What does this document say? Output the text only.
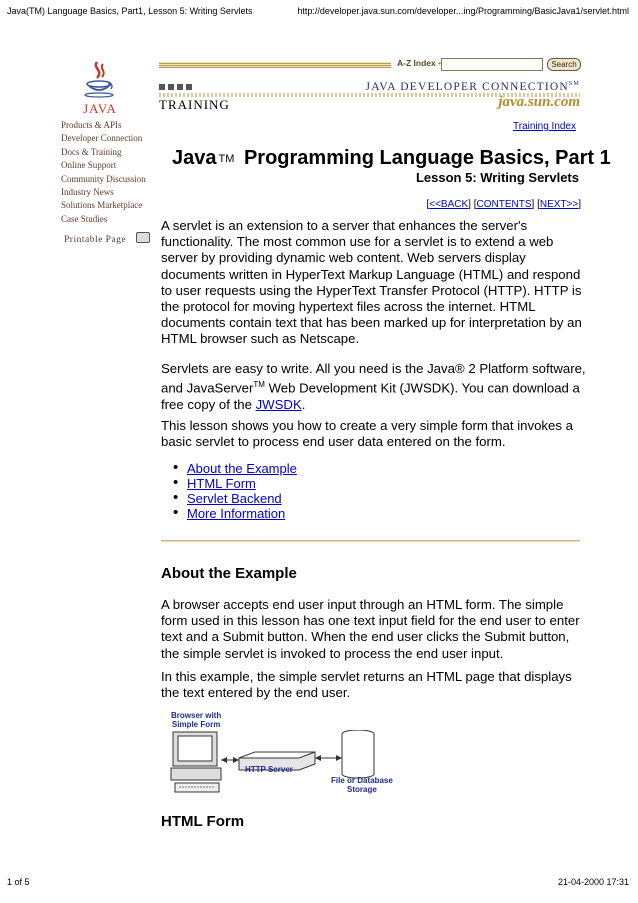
Java(TM) Language Basics, Part1, Lesson 5: Writing Servlets	http://developer.java.sun.com/developer...ing/Programming/BasicJava1/servlet.html
1 of 5	21-04-2000 17:31
A-Z Index •	Search
JAVA	TRAINING
JAVA DEVELOPER CONNECTION℠
java.sun.com
Products & APIs
Developer Connection
Docs & Training
Online Support
Community Discussion
Industry News
Solutions Marketplace
Case Studies
Printable Page
Training Index
Java TM Programming Language Basics, Part 1
Lesson 5: Writing Servlets
[<<BACK] [CONTENTS] [NEXT>>]

A servlet is an extension to a server that enhances the server's functionality. The most common use for a servlet is to extend a web server by providing dynamic web content. Web servers display documents written in HyperText Markup Language (HTML) and respond to user requests using the HyperText Transfer Protocol (HTTP). HTTP is the protocol for moving hypertext files across the internet. HTML documents contain text that has been marked up for interpretation by an HTML browser such as Netscape.

Servlets are easy to write. All you need is the Java® 2 Platform software, and JavaServer™ Web Development Kit (JWSDK). You can download a free copy of the JWSDK.

This lesson shows you how to create a very simple form that invokes a basic servlet to process end user data entered on the form.

• About the Example
• HTML Form
• Servlet Backend
• More Information
About the Example

A browser accepts end user input through an HTML form. The simple form used in this lesson has one text input field for the end user to enter text and a Submit button. When the end user clicks the Submit button, the simple servlet is invoked to process the end user input.

In this example, the simple servlet returns an HTML page that displays the text entered by the end user.

Browser with
Simple Form
HTTP Server
File or Database
Storage
HTML Form
